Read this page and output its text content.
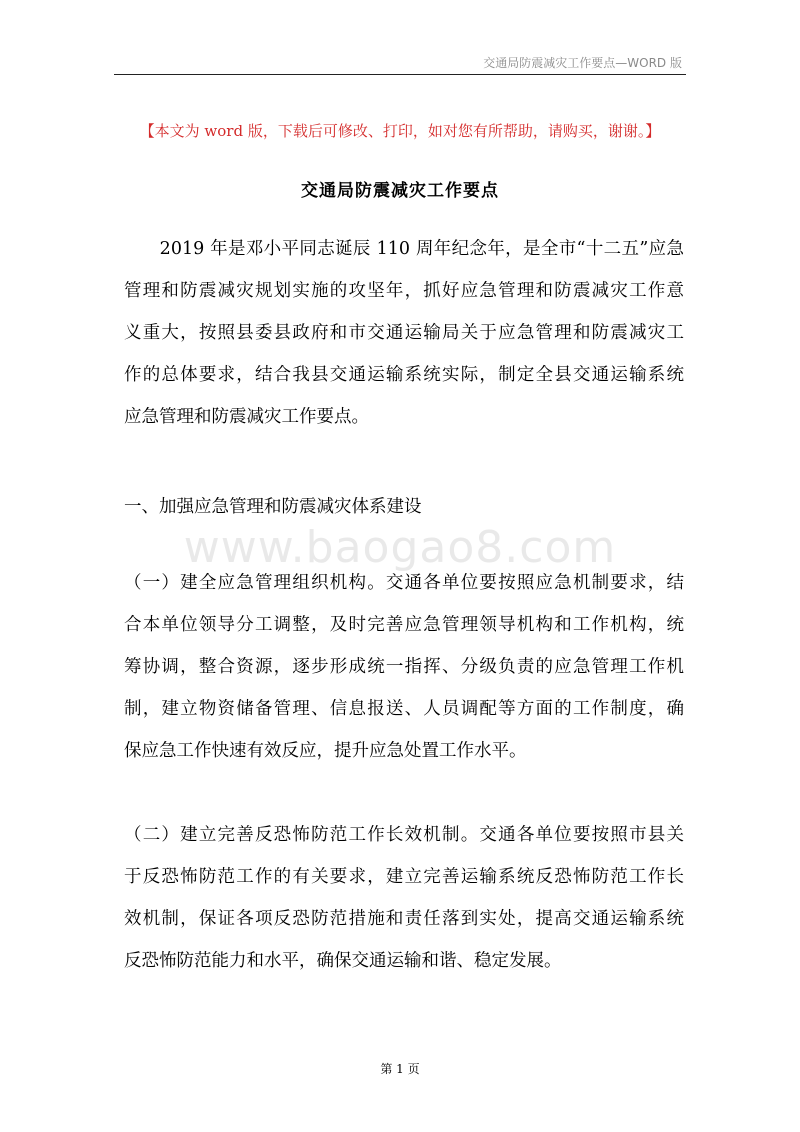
交通局防震减灾工作要点—WORD 版
【本文为 word 版，下载后可修改、打印，如对您有所帮助，请购买，谢谢。】
交通局防震减灾工作要点
　　2019 年是邓小平同志诞辰 110 周年纪念年，是全市“十二五”应急
管理和防震减灾规划实施的攻坚年，抓好应急管理和防震减灾工作意
义重大，按照县委县政府和市交通运输局关于应急管理和防震减灾工
作的总体要求，结合我县交通运输系统实际，制定全县交通运输系统
应急管理和防震减灾工作要点。
一、加强应急管理和防震减灾体系建设
www.baogao8.com
（一）建全应急管理组织机构。交通各单位要按照应急机制要求，结
合本单位领导分工调整，及时完善应急管理领导机构和工作机构，统
筹协调，整合资源，逐步形成统一指挥、分级负责的应急管理工作机
制，建立物资储备管理、信息报送、人员调配等方面的工作制度，确
保应急工作快速有效反应，提升应急处置工作水平。
（二）建立完善反恐怖防范工作长效机制。交通各单位要按照市县关
于反恐怖防范工作的有关要求，建立完善运输系统反恐怖防范工作长
效机制，保证各项反恐防范措施和责任落到实处，提高交通运输系统
反恐怖防范能力和水平，确保交通运输和谐、稳定发展。
第 1 页
